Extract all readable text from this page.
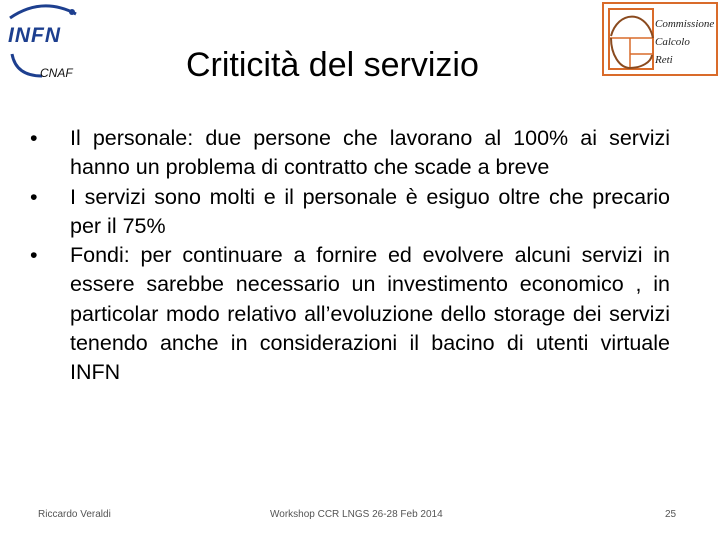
INFN
CNAF	Criticità del servizio
Commissione
Calcolo
Reti
• Il personale: due persone che lavorano al 100% ai servizi hanno un problema di contratto che scade a breve
• I servizi sono molti e il personale è esiguo oltre che precario per il 75%
• Fondi: per continuare a fornire ed evolvere alcuni servizi in essere sarebbe necessario un investimento economico , in particolar modo relativo all’evoluzione dello storage dei servizi tenendo anche in considerazioni il bacino di utenti virtuale INFN
Riccardo Veraldi	Workshop CCR LNGS 26-28 Feb 2014	25
